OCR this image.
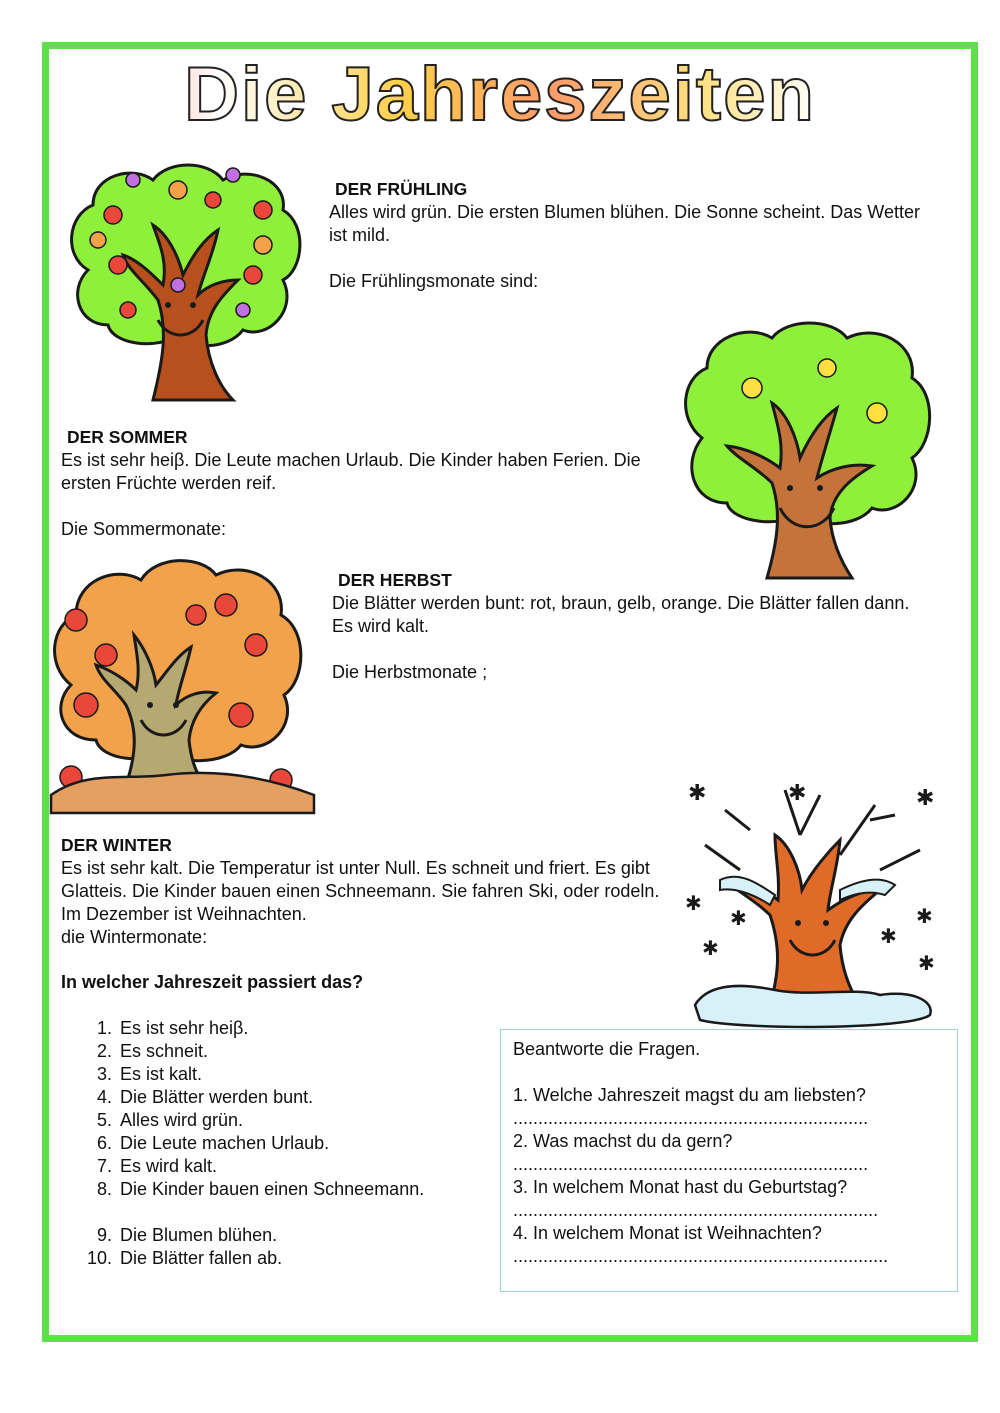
Die Jahreszeiten
DER FRÜHLING

Alles wird grün. Die ersten Blumen blühen. Die Sonne scheint. Das Wetter ist mild.

Die Frühlingsmonate sind:

DER SOMMER

Es ist sehr heiβ. Die Leute machen Urlaub. Die Kinder haben Ferien. Die ersten Früchte werden reif.

Die Sommermonate:

DER HERBST

Die Blätter werden bunt: rot, braun, gelb, orange. Die Blätter fallen dann. Es wird kalt.

Die Herbstmonate ;

✱	✱	✱
✱
✱	✱
✱	✱
✱
DER WINTER

Es ist sehr kalt. Die Temperatur ist unter Null. Es schneit und friert. Es gibt Glatteis. Die Kinder bauen einen Schneemann. Sie fahren Ski, oder rodeln. Im Dezember ist Weihnachten.

die Wintermonate:

In welcher Jahreszeit passiert das?
1. Es ist sehr heiβ.
2. Es schneit.
3. Es ist kalt.
4. Die Blätter werden bunt.
5. Alles wird grün.
6. Die Leute machen Urlaub.
7. Es wird kalt.
8. Die Kinder bauen einen Schneemann.
9. Die Blumen blühen.
10. Die Blätter fallen ab.
Beantworte die Fragen.
1. Welche Jahreszeit magst du am liebsten?
.......................................................................
2. Was machst du da gern?
.......................................................................
3. In welchem Monat hast du Geburtstag?
.........................................................................
4. In welchem Monat ist Weihnachten?
...........................................................................
